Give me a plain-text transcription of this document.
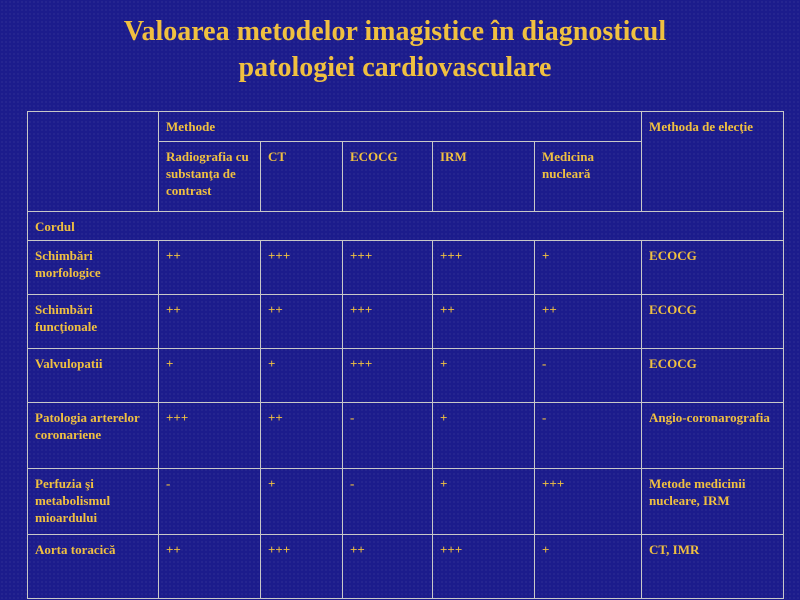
Valoarea metodelor imagistice în diagnosticul
patologiei cardiovasculare
	Methode					Methoda de elecţie
	Radiografia cu substanţa de contrast	CT	ECOCG	IRM	Medicina nucleară	
Cordul						
Schimbări morfologice	++	+++	+++	+++	+	ECOCG
Schimbări funcţionale	++	++	+++	++	++	ECOCG
Valvulopatii	+	+	+++	+	-	ECOCG
Patologia arterelor coronariene	+++	++	-	+	-	Angio-coronarografia
Perfuzia şi metabolismul mioardului	-	+	-	+	+++	Metode medicinii nucleare, IRM
Aorta toracică	++	+++	++	+++	+	CT, IMR
